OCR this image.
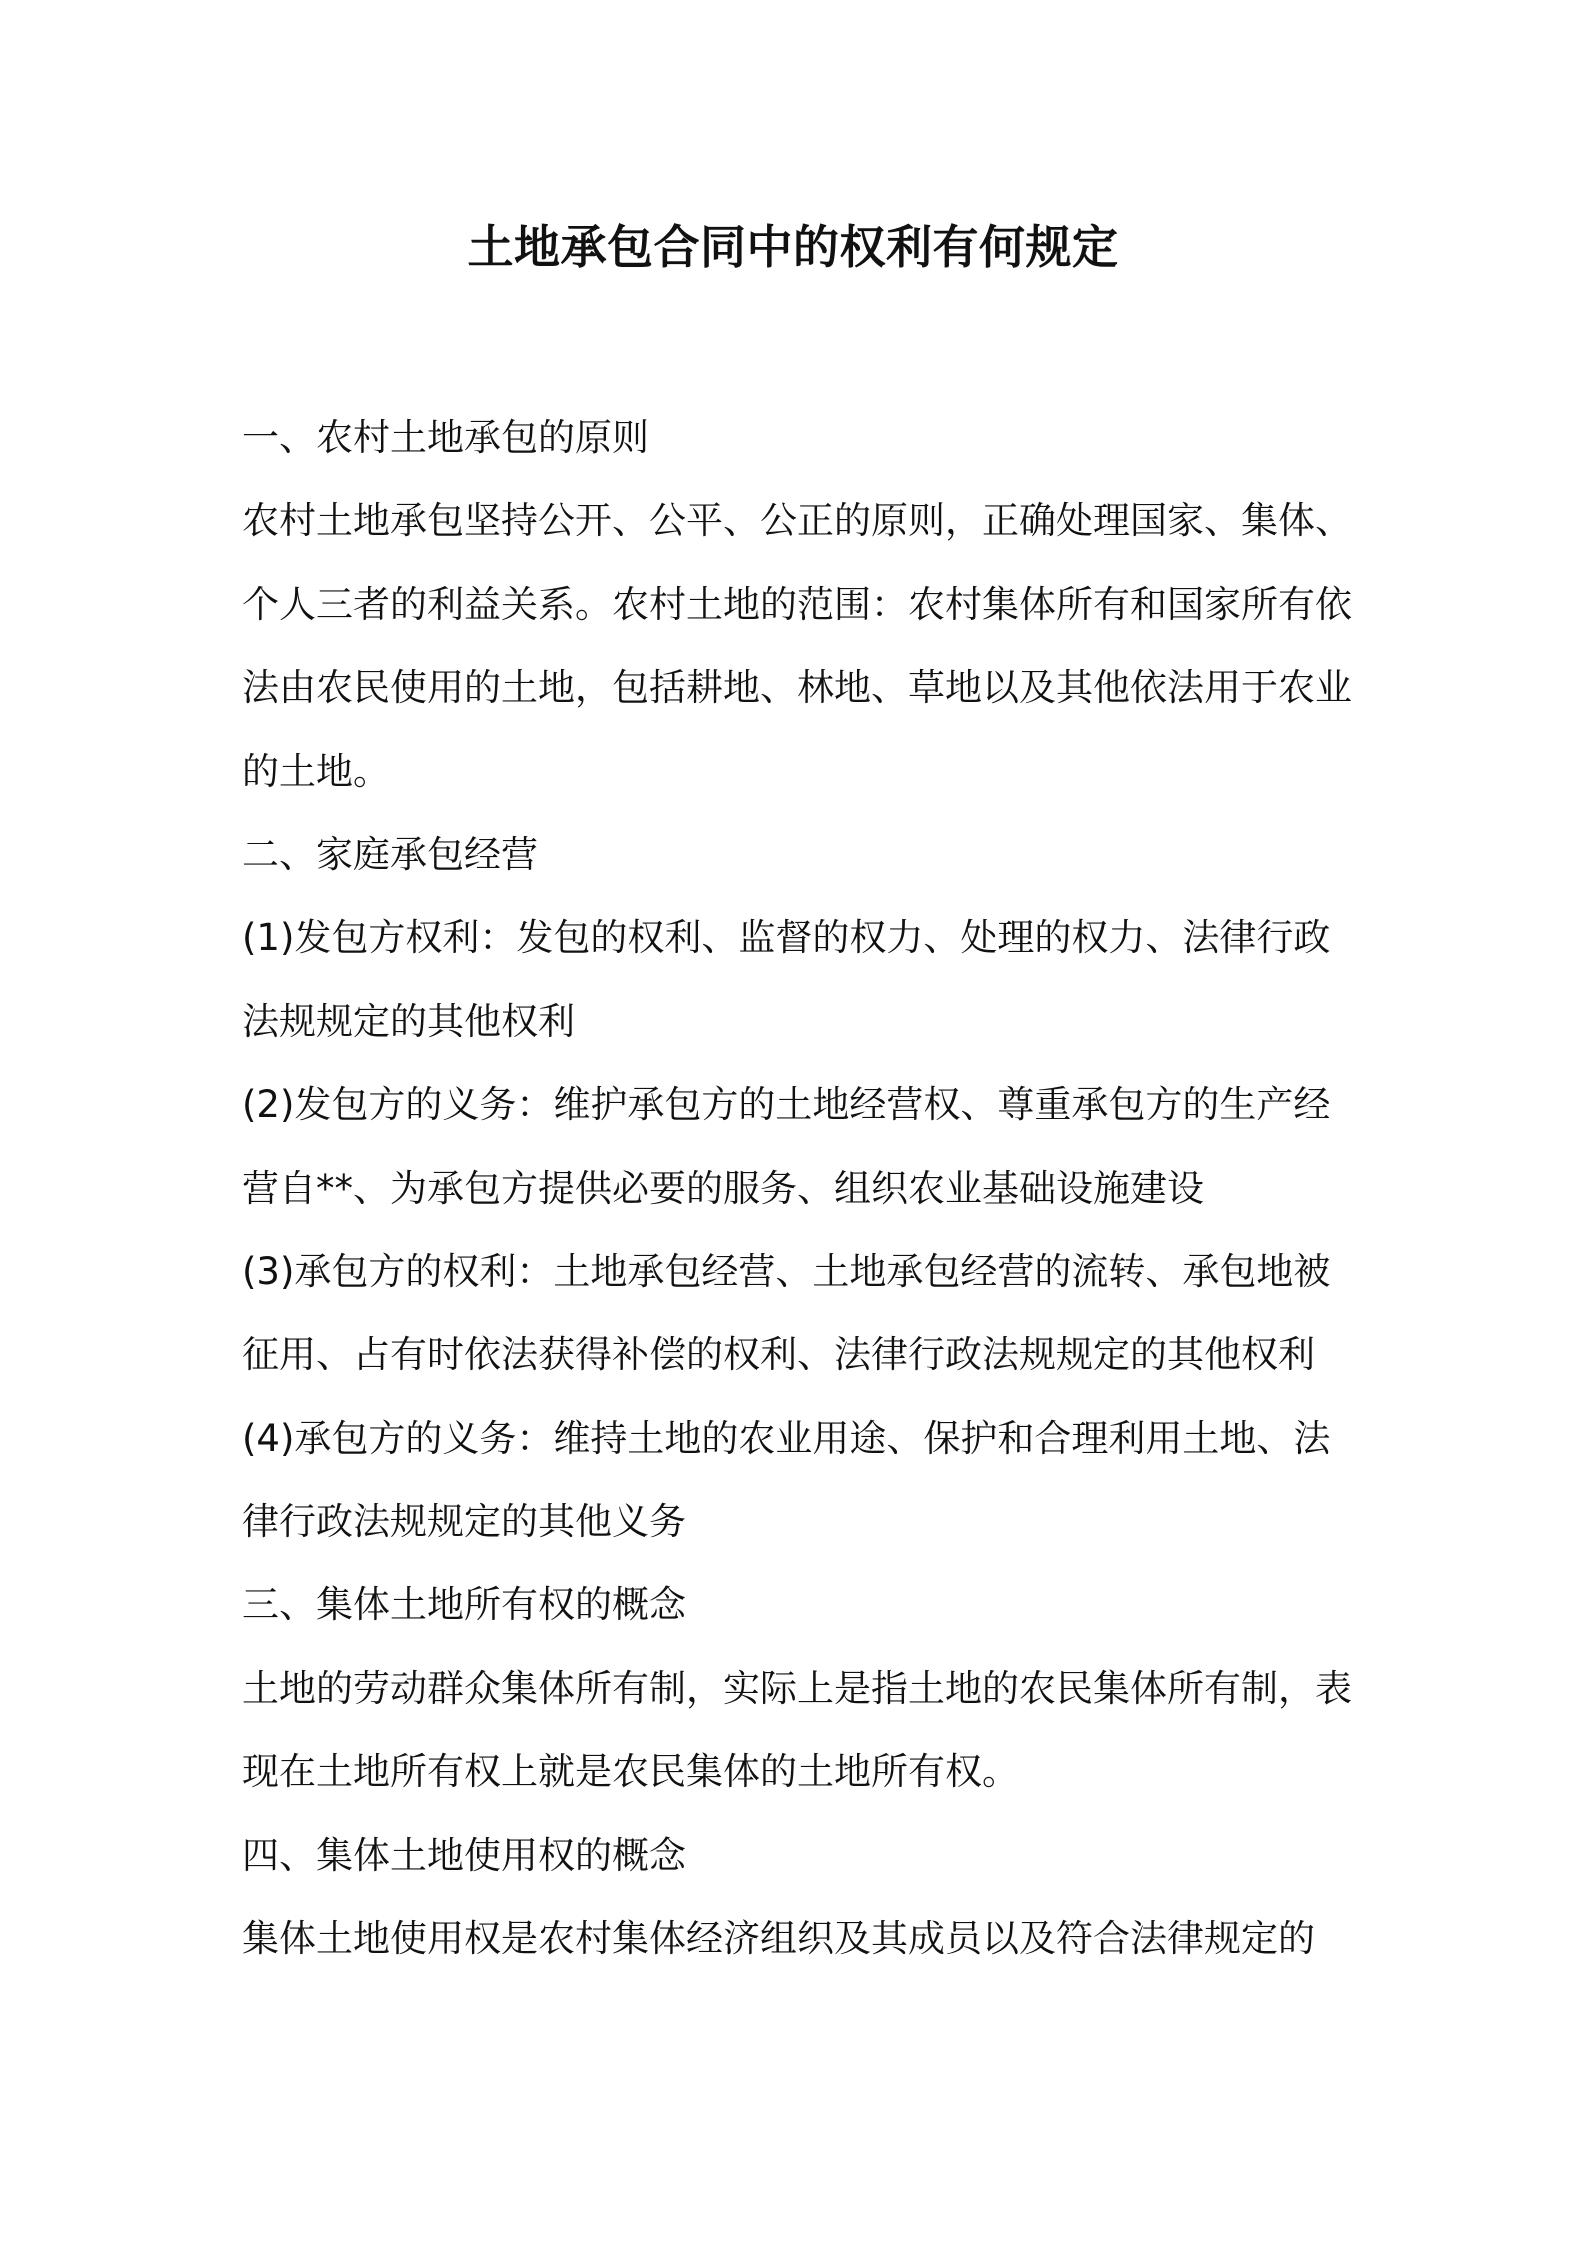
土地承包合同中的权利有何规定
一、农村土地承包的原则
农村土地承包坚持公开、公平、公正的原则，正确处理国家、集体、
个人三者的利益关系。农村土地的范围：农村集体所有和国家所有依
法由农民使用的土地，包括耕地、林地、草地以及其他依法用于农业
的土地。
二、家庭承包经营
(1)发包方权利：发包的权利、监督的权力、处理的权力、法律行政
法规规定的其他权利
(2)发包方的义务：维护承包方的土地经营权、尊重承包方的生产经
营自**、为承包方提供必要的服务、组织农业基础设施建设
(3)承包方的权利：土地承包经营、土地承包经营的流转、承包地被
征用、占有时依法获得补偿的权利、法律行政法规规定的其他权利
(4)承包方的义务：维持土地的农业用途、保护和合理利用土地、法
律行政法规规定的其他义务
三、集体土地所有权的概念
土地的劳动群众集体所有制，实际上是指土地的农民集体所有制，表
现在土地所有权上就是农民集体的土地所有权。
四、集体土地使用权的概念
集体土地使用权是农村集体经济组织及其成员以及符合法律规定的
